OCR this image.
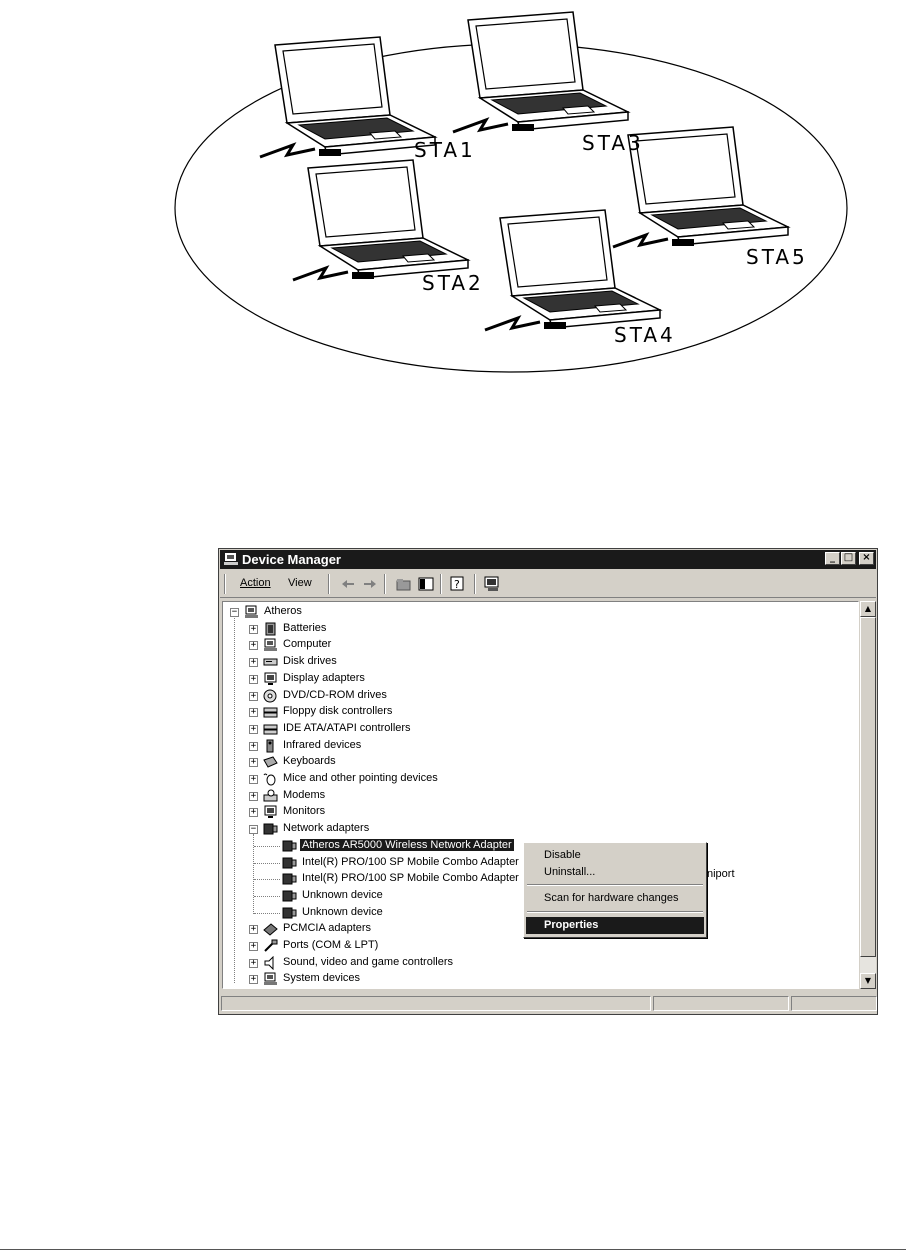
STA1
STA2
STA3
STA4
STA5
Device Manager	_ □ ×
Action View	?
− Atheros
+ Batteries
+ Computer
+ Disk drives
+ Display adapters
+ DVD/CD-ROM drives
+ Floppy disk controllers
+ IDE ATA/ATAPI controllers
+ Infrared devices
+ Keyboards
+ Mice and other pointing devices
+ Modems
+ Monitors
− Network adapters
Atheros AR5000 Wireless Network Adapter
Intel(R) PRO/100 SP Mobile Combo Adapter
Intel(R) PRO/100 SP Mobile Combo Adapter
Unknown device
Unknown device
+ PCMCIA adapters
+ Ports (COM & LPT)
+ Sound, video and game controllers
+ System devices
▲
▼
niport
Disable
Uninstall...
Scan for hardware changes
Properties
